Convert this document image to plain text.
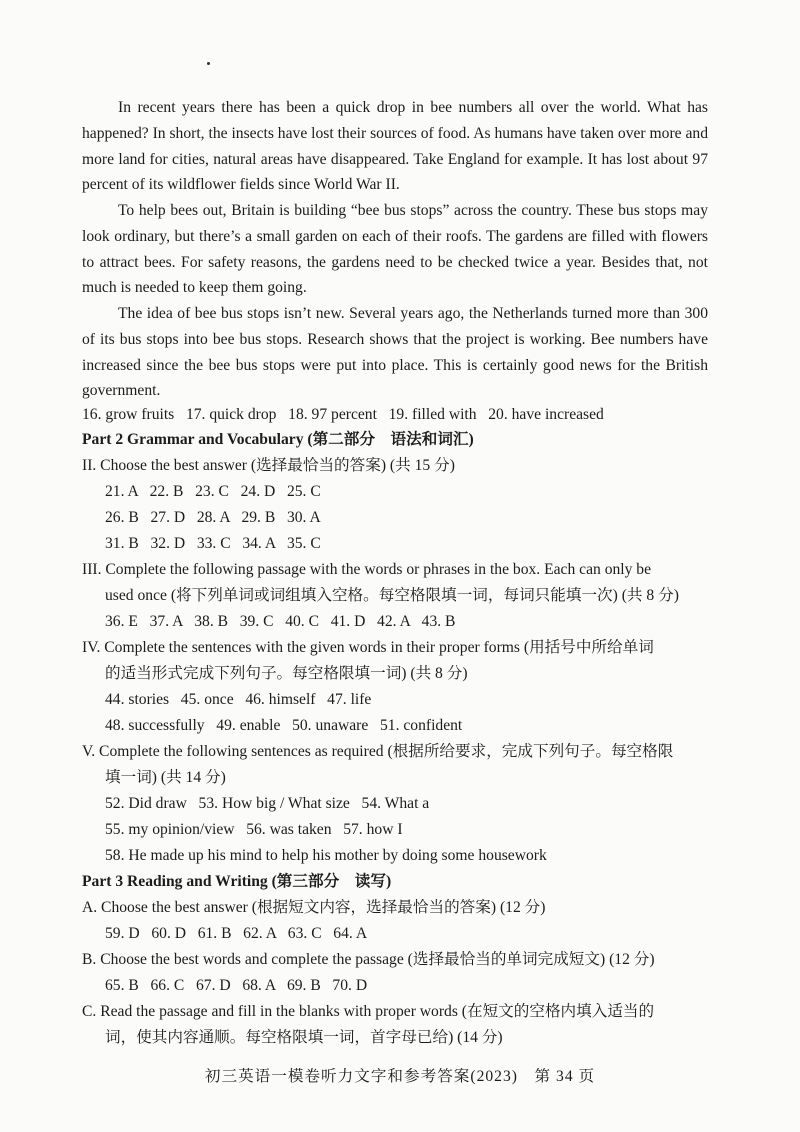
In recent years there has been a quick drop in bee numbers all over the world. What has happened? In short, the insects have lost their sources of food. As humans have taken over more and more land for cities, natural areas have disappeared. Take England for example. It has lost about 97 percent of its wildflower fields since World War II.
To help bees out, Britain is building “bee bus stops” across the country. These bus stops may look ordinary, but there’s a small garden on each of their roofs. The gardens are filled with flowers to attract bees. For safety reasons, the gardens need to be checked twice a year. Besides that, not much is needed to keep them going.
The idea of bee bus stops isn’t new. Several years ago, the Netherlands turned more than 300 of its bus stops into bee bus stops. Research shows that the project is working. Bee numbers have increased since the bee bus stops were put into place. This is certainly good news for the British government.
16. grow fruits   17. quick drop   18. 97 percent   19. filled with   20. have increased
Part 2 Grammar and Vocabulary (第二部分　语法和词汇)
II. Choose the best answer (选择最恰当的答案) (共 15 分)
21. A   22. B   23. C   24. D   25. C
26. B   27. D   28. A   29. B   30. A
31. B   32. D   33. C   34. A   35. C
III. Complete the following passage with the words or phrases in the box. Each can only be
used once (将下列单词或词组填入空格。每空格限填一词，每词只能填一次) (共 8 分)
36. E   37. A   38. B   39. C   40. C   41. D   42. A   43. B
IV. Complete the sentences with the given words in their proper forms (用括号中所给单词
的适当形式完成下列句子。每空格限填一词) (共 8 分)
44. stories   45. once   46. himself   47. life
48. successfully   49. enable   50. unaware   51. confident
V. Complete the following sentences as required (根据所给要求，完成下列句子。每空格限
填一词) (共 14 分)
52. Did draw   53. How big / What size   54. What a
55. my opinion/view   56. was taken   57. how I
58. He made up his mind to help his mother by doing some housework
Part 3 Reading and Writing (第三部分　读写)
A. Choose the best answer (根据短文内容，选择最恰当的答案) (12 分)
59. D   60. D   61. B   62. A   63. C   64. A
B. Choose the best words and complete the passage (选择最恰当的单词完成短文) (12 分)
65. B   66. C   67. D   68. A   69. B   70. D
C. Read the passage and fill in the blanks with proper words (在短文的空格内填入适当的
词，使其内容通顺。每空格限填一词，首字母已给) (14 分)
初三英语一模卷听力文字和参考答案(2023)　第 34 页
